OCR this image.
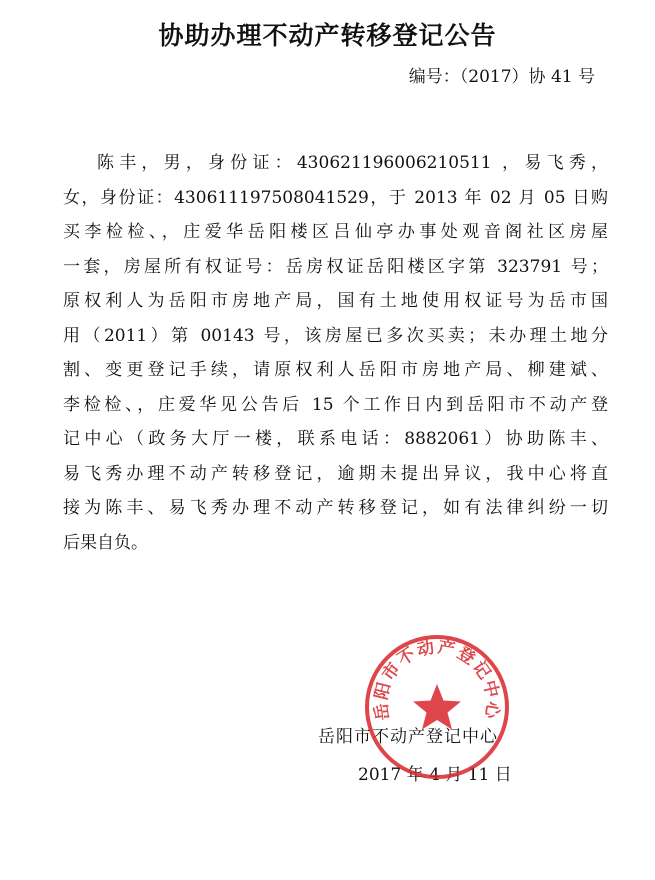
协助办理不动产转移登记公告
编号：（2017）协 41 号
陈丰，男，身份证：430621196006210511 ，易飞秀，
女，身份证：430611197508041529，于 2013 年 02 月 05 日购
买李检检、，庄爱华岳阳楼区吕仙亭办事处观音阁社区房屋
一套，房屋所有权证号：岳房权证岳阳楼区字第 323791 号；
原权利人为岳阳市房地产局，国有土地使用权证号为岳市国
用（2011）第 00143 号，该房屋已多次买卖；未办理土地分
割、变更登记手续，请原权利人岳阳市房地产局、柳建斌、
李检检、，庄爱华见公告后 15 个工作日内到岳阳市不动产登
记中心（政务大厅一楼，联系电话：8882061）协助陈丰、
易飞秀办理不动产转移登记，逾期未提出异议，我中心将直
接为陈丰、易飞秀办理不动产转移登记，如有法律纠纷一切
后果自负。
岳阳市不动产登记中心
2017 年 4 月 11 日
岳阳市不动产登记中心
